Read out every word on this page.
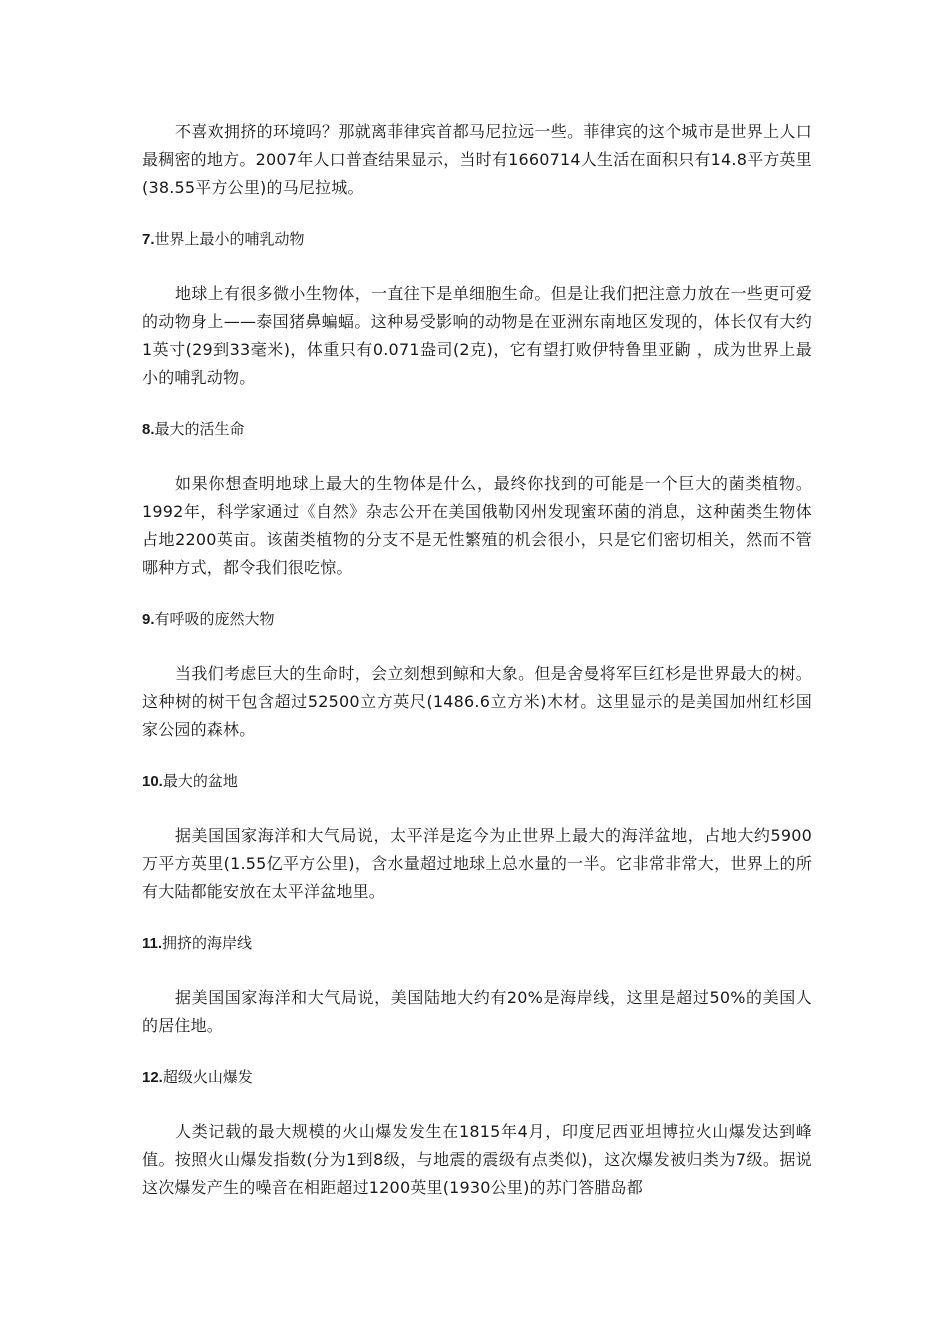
不喜欢拥挤的环境吗？那就离菲律宾首都马尼拉远一些。菲律宾的这个城市是世界上人口最稠密的地方。2007年人口普查结果显示，当时有1660714人生活在面积只有14.8平方英里(38.55平方公里)的马尼拉城。

7.世界上最小的哺乳动物

地球上有很多微小生物体，一直往下是单细胞生命。但是让我们把注意力放在一些更可爱的动物身上——泰国猪鼻蝙蝠。这种易受影响的动物是在亚洲东南地区发现的，体长仅有大约1英寸(29到33毫米)，体重只有0.071盎司(2克)，它有望打败伊特鲁里亚鼩 ，成为世界上最小的哺乳动物。

8.最大的活生命

如果你想查明地球上最大的生物体是什么，最终你找到的可能是一个巨大的菌类植物。1992年，科学家通过《自然》杂志公开在美国俄勒冈州发现蜜环菌的消息，这种菌类生物体占地2200英亩。该菌类植物的分支不是无性繁殖的机会很小，只是它们密切相关，然而不管哪种方式，都令我们很吃惊。

9.有呼吸的庞然大物

当我们考虑巨大的生命时，会立刻想到鲸和大象。但是舍曼将军巨红杉是世界最大的树。这种树的树干包含超过52500立方英尺(1486.6立方米)木材。这里显示的是美国加州红杉国家公园的森林。

10.最大的盆地

据美国国家海洋和大气局说，太平洋是迄今为止世界上最大的海洋盆地，占地大约5900万平方英里(1.55亿平方公里)，含水量超过地球上总水量的一半。它非常非常大，世界上的所有大陆都能安放在太平洋盆地里。

11.拥挤的海岸线

据美国国家海洋和大气局说，美国陆地大约有20%是海岸线，这里是超过50%的美国人的居住地。

12.超级火山爆发

人类记载的最大规模的火山爆发发生在1815年4月，印度尼西亚坦博拉火山爆发达到峰值。按照火山爆发指数(分为1到8级，与地震的震级有点类似)，这次爆发被归类为7级。据说这次爆发产生的噪音在相距超过1200英里(1930公里)的苏门答腊岛都
